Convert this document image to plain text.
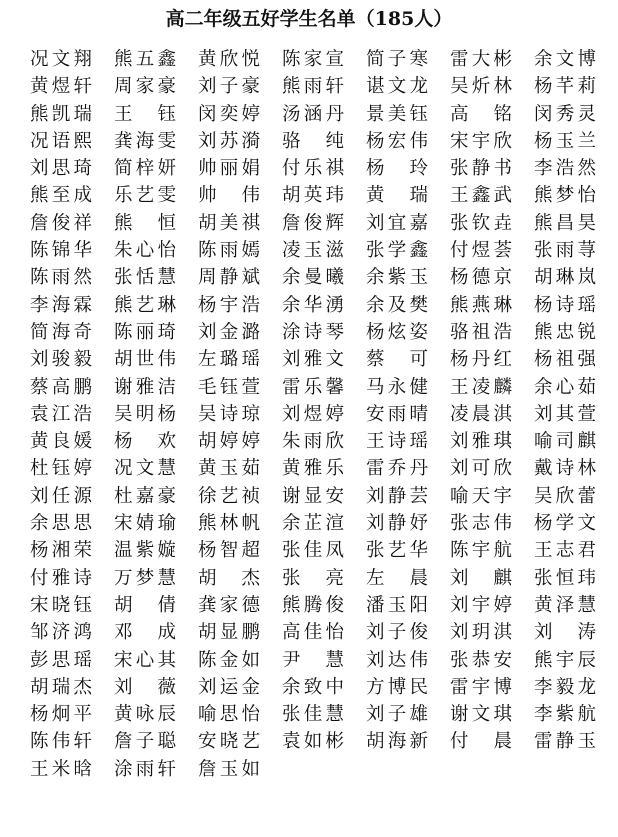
高二年级五好学生名单（185人）
况文翔 熊五鑫 黄欣悦 陈家宣 简子寒 雷大彬 余文博
黄煜轩 周家豪 刘子豪 熊雨轩 谌文龙 吴炘林 杨芊莉
熊凯瑞 王钰 闵奕婷 汤涵丹 景美钰 高铭 闵秀灵
况语熙 龚海雯 刘苏漪 骆纯 杨宏伟 宋宇欣 杨玉兰
刘思琦 简梓妍 帅丽娟 付乐祺 杨玲 张静书 李浩然
熊至成 乐艺雯 帅伟 胡英玮 黄瑞 王鑫武 熊梦怡
詹俊祥 熊恒 胡美祺 詹俊辉 刘宜嘉 张钦垚 熊昌昊
陈锦华 朱心怡 陈雨嫣 凌玉滋 张学鑫 付煜荟 张雨荨
陈雨然 张恬慧 周静斌 余曼曦 余紫玉 杨德京 胡琳岚
李海霖 熊艺琳 杨宇浩 余华湧 余及樊 熊燕琳 杨诗瑶
简海奇 陈丽琦 刘金潞 涂诗琴 杨炫姿 骆祖浩 熊忠锐
刘骏毅 胡世伟 左璐瑶 刘雅文 蔡可 杨丹红 杨祖强
蔡高鹏 谢雅洁 毛钰萱 雷乐馨 马永健 王凌麟 余心茹
袁江浩 吴明杨 吴诗琼 刘煜婷 安雨晴 凌晨淇 刘其萱
黄良媛 杨欢 胡婷婷 朱雨欣 王诗瑶 刘雅琪 喻司麒
杜钰婷 况文慧 黄玉茹 黄雅乐 雷乔丹 刘可欣 戴诗林
刘任源 杜嘉豪 徐艺祯 谢显安 刘静芸 喻天宇 吴欣蕾
余思思 宋婧瑜 熊林帆 余芷渲 刘静妤 张志伟 杨学文
杨湘荣 温紫嫙 杨智超 张佳凤 张艺华 陈宇航 王志君
付雅诗 万梦慧 胡杰 张亮 左晨 刘麒 张恒玮
宋晓钰 胡倩 龚家德 熊腾俊 潘玉阳 刘宇婷 黄泽慧
邹济鸿 邓成 胡显鹏 高佳怡 刘子俊 刘玥淇 刘涛
彭思瑶 宋心其 陈金如 尹慧 刘达伟 张恭安 熊宇辰
胡瑞杰 刘薇 刘运金 余致中 方博民 雷宇博 李毅龙
杨炯平 黄咏辰 喻思怡 张佳慧 刘子雄 谢文琪 李紫航
陈伟轩 詹子聪 安晓艺 袁如彬 胡海新 付晨 雷静玉
王米晗 涂雨轩 詹玉如
